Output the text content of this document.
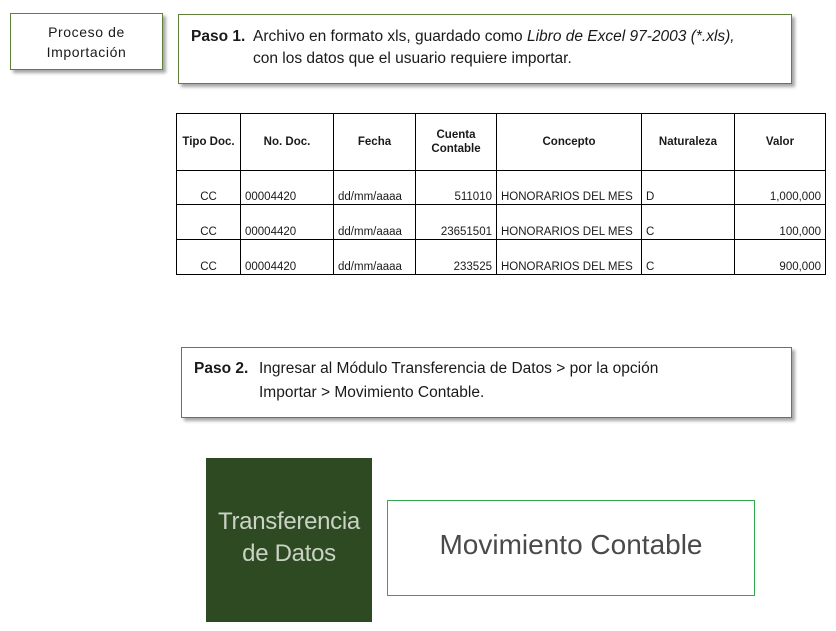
Proceso de
Importación
Paso 1. Archivo en formato xls, guardado como Libro de Excel 97-2003 (*.xls),
con los datos que el usuario requiere importar.
Tipo Doc.	No. Doc.	Fecha	Cuenta Contable	Concepto	Naturaleza	Valor
CC	00004420	dd/mm/aaaa	511010	HONORARIOS DEL MES	D	1,000,000
CC	00004420	dd/mm/aaaa	23651501	HONORARIOS DEL MES	C	100,000
CC	00004420	dd/mm/aaaa	233525	HONORARIOS DEL MES	C	900,000
Paso 2. Ingresar al Módulo Transferencia de Datos > por la opción
Importar > Movimiento Contable.
Transferencia
de Datos	Movimiento Contable
